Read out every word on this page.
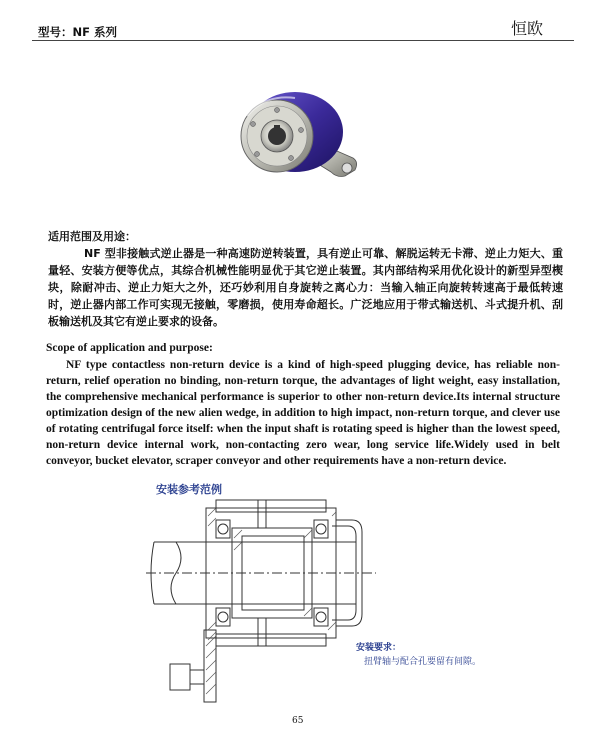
型号：NF 系列	恒欧
适用范围及用途：
NF 型非接触式逆止器是一种高速防逆转装置，具有逆止可靠、解脱运转无卡滞、逆止力矩大、重量轻、安装方便等优点，其综合机械性能明显优于其它逆止装置。其内部结构采用优化设计的新型异型楔块，除耐冲击、逆止力矩大之外，还巧妙利用自身旋转之离心力：当输入轴正向旋转转速高于最低转速时，逆止器内部工作可实现无接触，零磨损，使用寿命超长。广泛地应用于带式输送机、斗式提升机、刮板输送机及其它有逆止要求的设备。
Scope of application and purpose:
NF type contactless non-return device is a kind of high-speed plugging device, has reliable non-return, relief operation no binding, non-return torque, the advantages of light weight, easy installation, the comprehensive mechanical performance is superior to other non-return device.Its internal structure optimization design of the new alien wedge, in addition to high impact, non-return torque, and clever use of rotating centrifugal force itself: when the input shaft is rotating speed is higher than the lowest speed, non-return device internal work, non-contacting zero wear, long service life.Widely used in belt conveyor, bucket elevator, scraper conveyor and other requirements have a non-return device.
安装参考范例
安装要求：
扭臂轴与配合孔要留有间隙。
65
